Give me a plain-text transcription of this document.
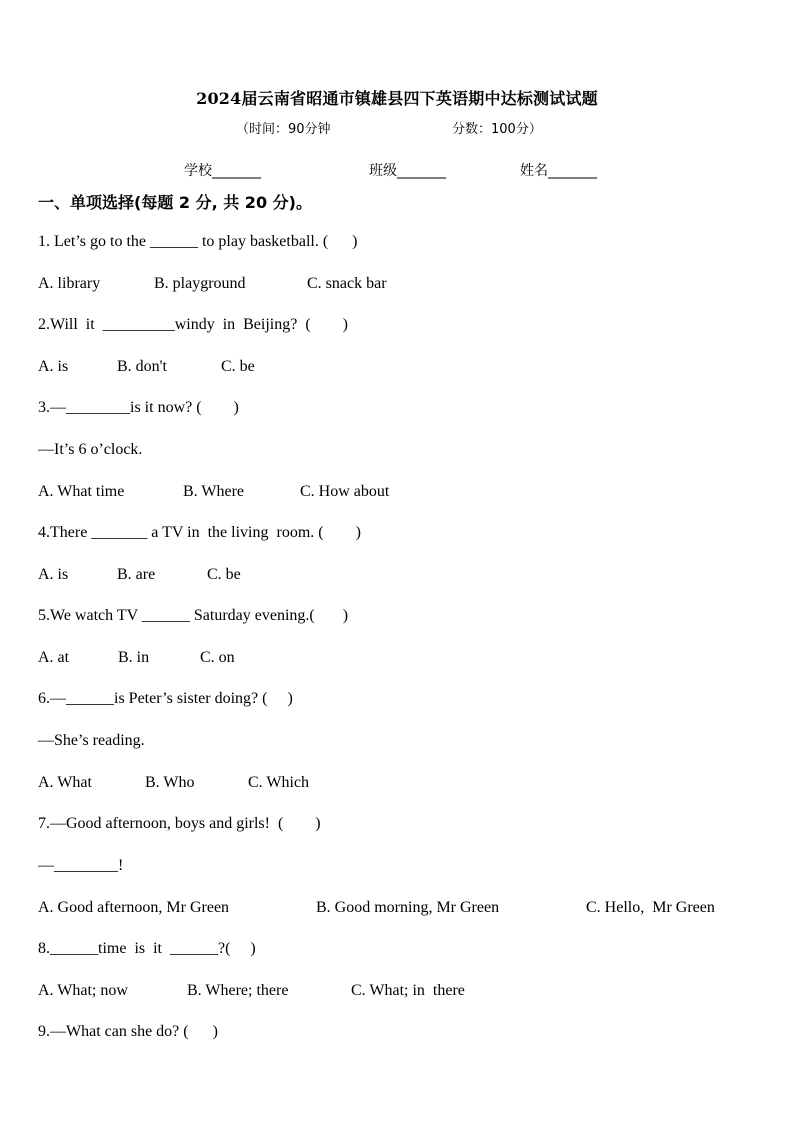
2024届云南省昭通市镇雄县四下英语期中达标测试试题
（时间：90分钟	分数：100分）
学校_______	班级_______	姓名_______
一、单项选择(每题 2 分, 共 20 分)。
1. Let’s go to the ______ to play basketball. (      )
A. library	B. playground	C. snack bar
2.Will  it  _________windy  in  Beijing?  (        )
A. is	B. don't	C. be
3.—________is it now? (        )
—It’s 6 o’clock.
A. What time	B. Where	C. How about
4.There _______ a TV in  the living  room. (        )
A. is	B. are	C. be
5.We watch TV ______ Saturday evening.(       )
A. at	B. in	C. on
6.—______is Peter’s sister doing? (     )
—She’s reading.
A. What	B. Who	C. Which
7.—Good afternoon, boys and girls!  (        )
—________!
A. Good afternoon, Mr Green	B. Good morning, Mr Green	C. Hello,  Mr Green
8.______time  is  it  ______?(     )
A. What; now	B. Where; there	C. What; in  there
9.—What can she do? (      )
